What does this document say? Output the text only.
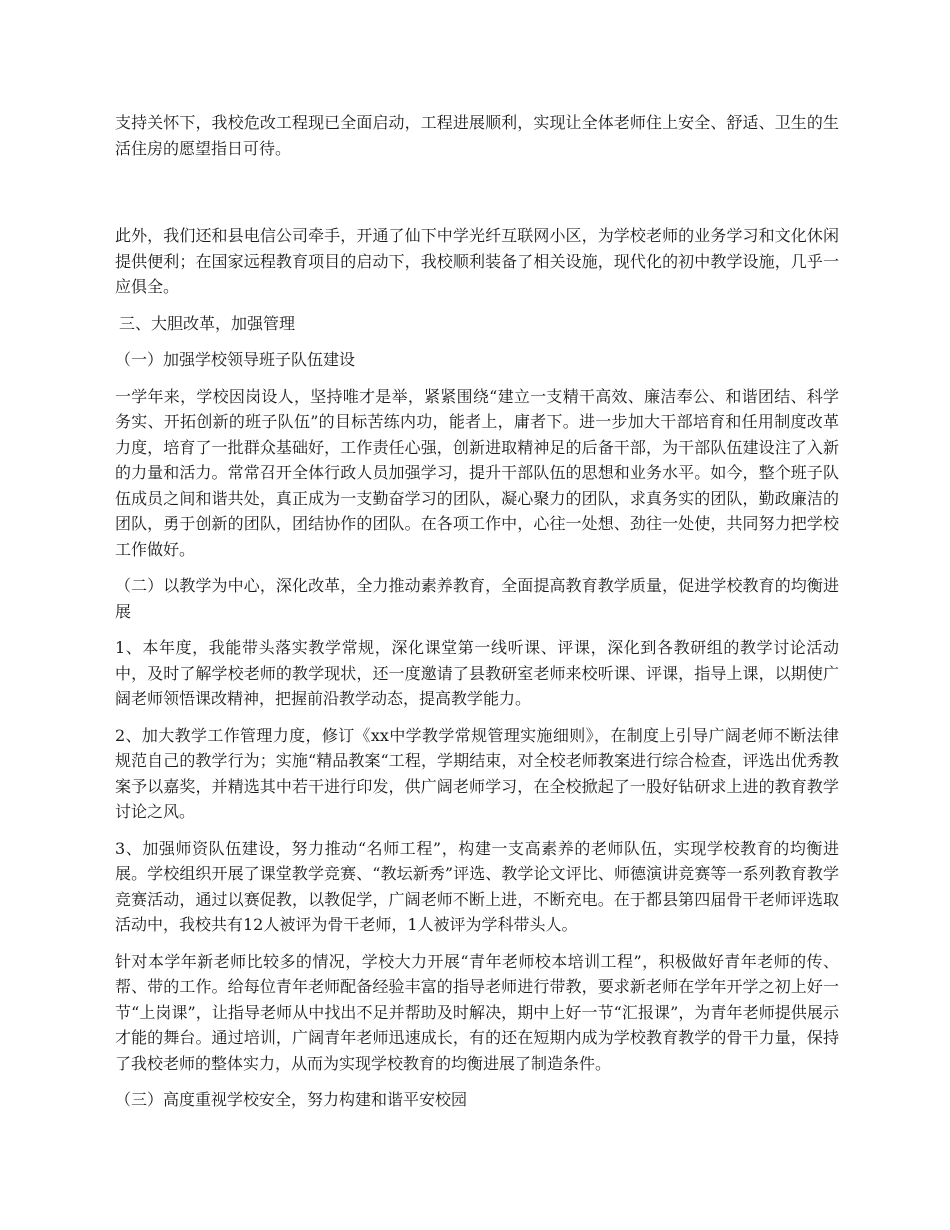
支持关怀下，我校危改工程现已全面启动，工程进展顺利，实现让全体老师住上安全、舒适、卫生的生活住房的愿望指日可待。

此外，我们还和县电信公司牵手，开通了仙下中学光纤互联网小区，为学校老师的业务学习和文化休闲提供便利；在国家远程教育项目的启动下，我校顺利装备了相关设施，现代化的初中教学设施，几乎一应俱全。

三、大胆改革，加强管理

（一）加强学校领导班子队伍建设

一学年来，学校因岗设人，坚持唯才是举，紧紧围绕“建立一支精干高效、廉洁奉公、和谐团结、科学务实、开拓创新的班子队伍”的目标苦练内功，能者上，庸者下。进一步加大干部培育和任用制度改革力度，培育了一批群众基础好，工作责任心强，创新进取精神足的后备干部，为干部队伍建设注了入新的力量和活力。常常召开全体行政人员加强学习，提升干部队伍的思想和业务水平。如今，整个班子队伍成员之间和谐共处，真正成为一支勤奋学习的团队，凝心聚力的团队，求真务实的团队，勤政廉洁的团队，勇于创新的团队，团结协作的团队。在各项工作中，心往一处想、劲往一处使，共同努力把学校工作做好。

（二）以教学为中心，深化改革，全力推动素养教育，全面提高教育教学质量，促进学校教育的均衡进展

1、本年度，我能带头落实教学常规，深化课堂第一线听课、评课，深化到各教研组的教学讨论活动中，及时了解学校老师的教学现状，还一度邀请了县教研室老师来校听课、评课，指导上课，以期使广阔老师领悟课改精神，把握前沿教学动态，提高教学能力。

2、加大教学工作管理力度，修订《xx中学教学常规管理实施细则》，在制度上引导广阔老师不断法律规范自己的教学行为；实施“精品教案“工程，学期结束，对全校老师教案进行综合检查，评选出优秀教案予以嘉奖，并精选其中若干进行印发，供广阔老师学习，在全校掀起了一股好钻研求上进的教育教学讨论之风。

3、加强师资队伍建设，努力推动“名师工程”，构建一支高素养的老师队伍，实现学校教育的均衡进展。学校组织开展了课堂教学竞赛、“教坛新秀”评选、教学论文评比、师德演讲竞赛等一系列教育教学竞赛活动，通过以赛促教，以教促学，广阔老师不断上进，不断充电。在于都县第四届骨干老师评选取活动中，我校共有12人被评为骨干老师，1人被评为学科带头人。

针对本学年新老师比较多的情况，学校大力开展“青年老师校本培训工程”，积极做好青年老师的传、帮、带的工作。给每位青年老师配备经验丰富的指导老师进行带教，要求新老师在学年开学之初上好一节“上岗课”，让指导老师从中找出不足并帮助及时解决，期中上好一节“汇报课”，为青年老师提供展示才能的舞台。通过培训，广阔青年老师迅速成长，有的还在短期内成为学校教育教学的骨干力量，保持了我校老师的整体实力，从而为实现学校教育的均衡进展了制造条件。

（三）高度重视学校安全，努力构建和谐平安校园
